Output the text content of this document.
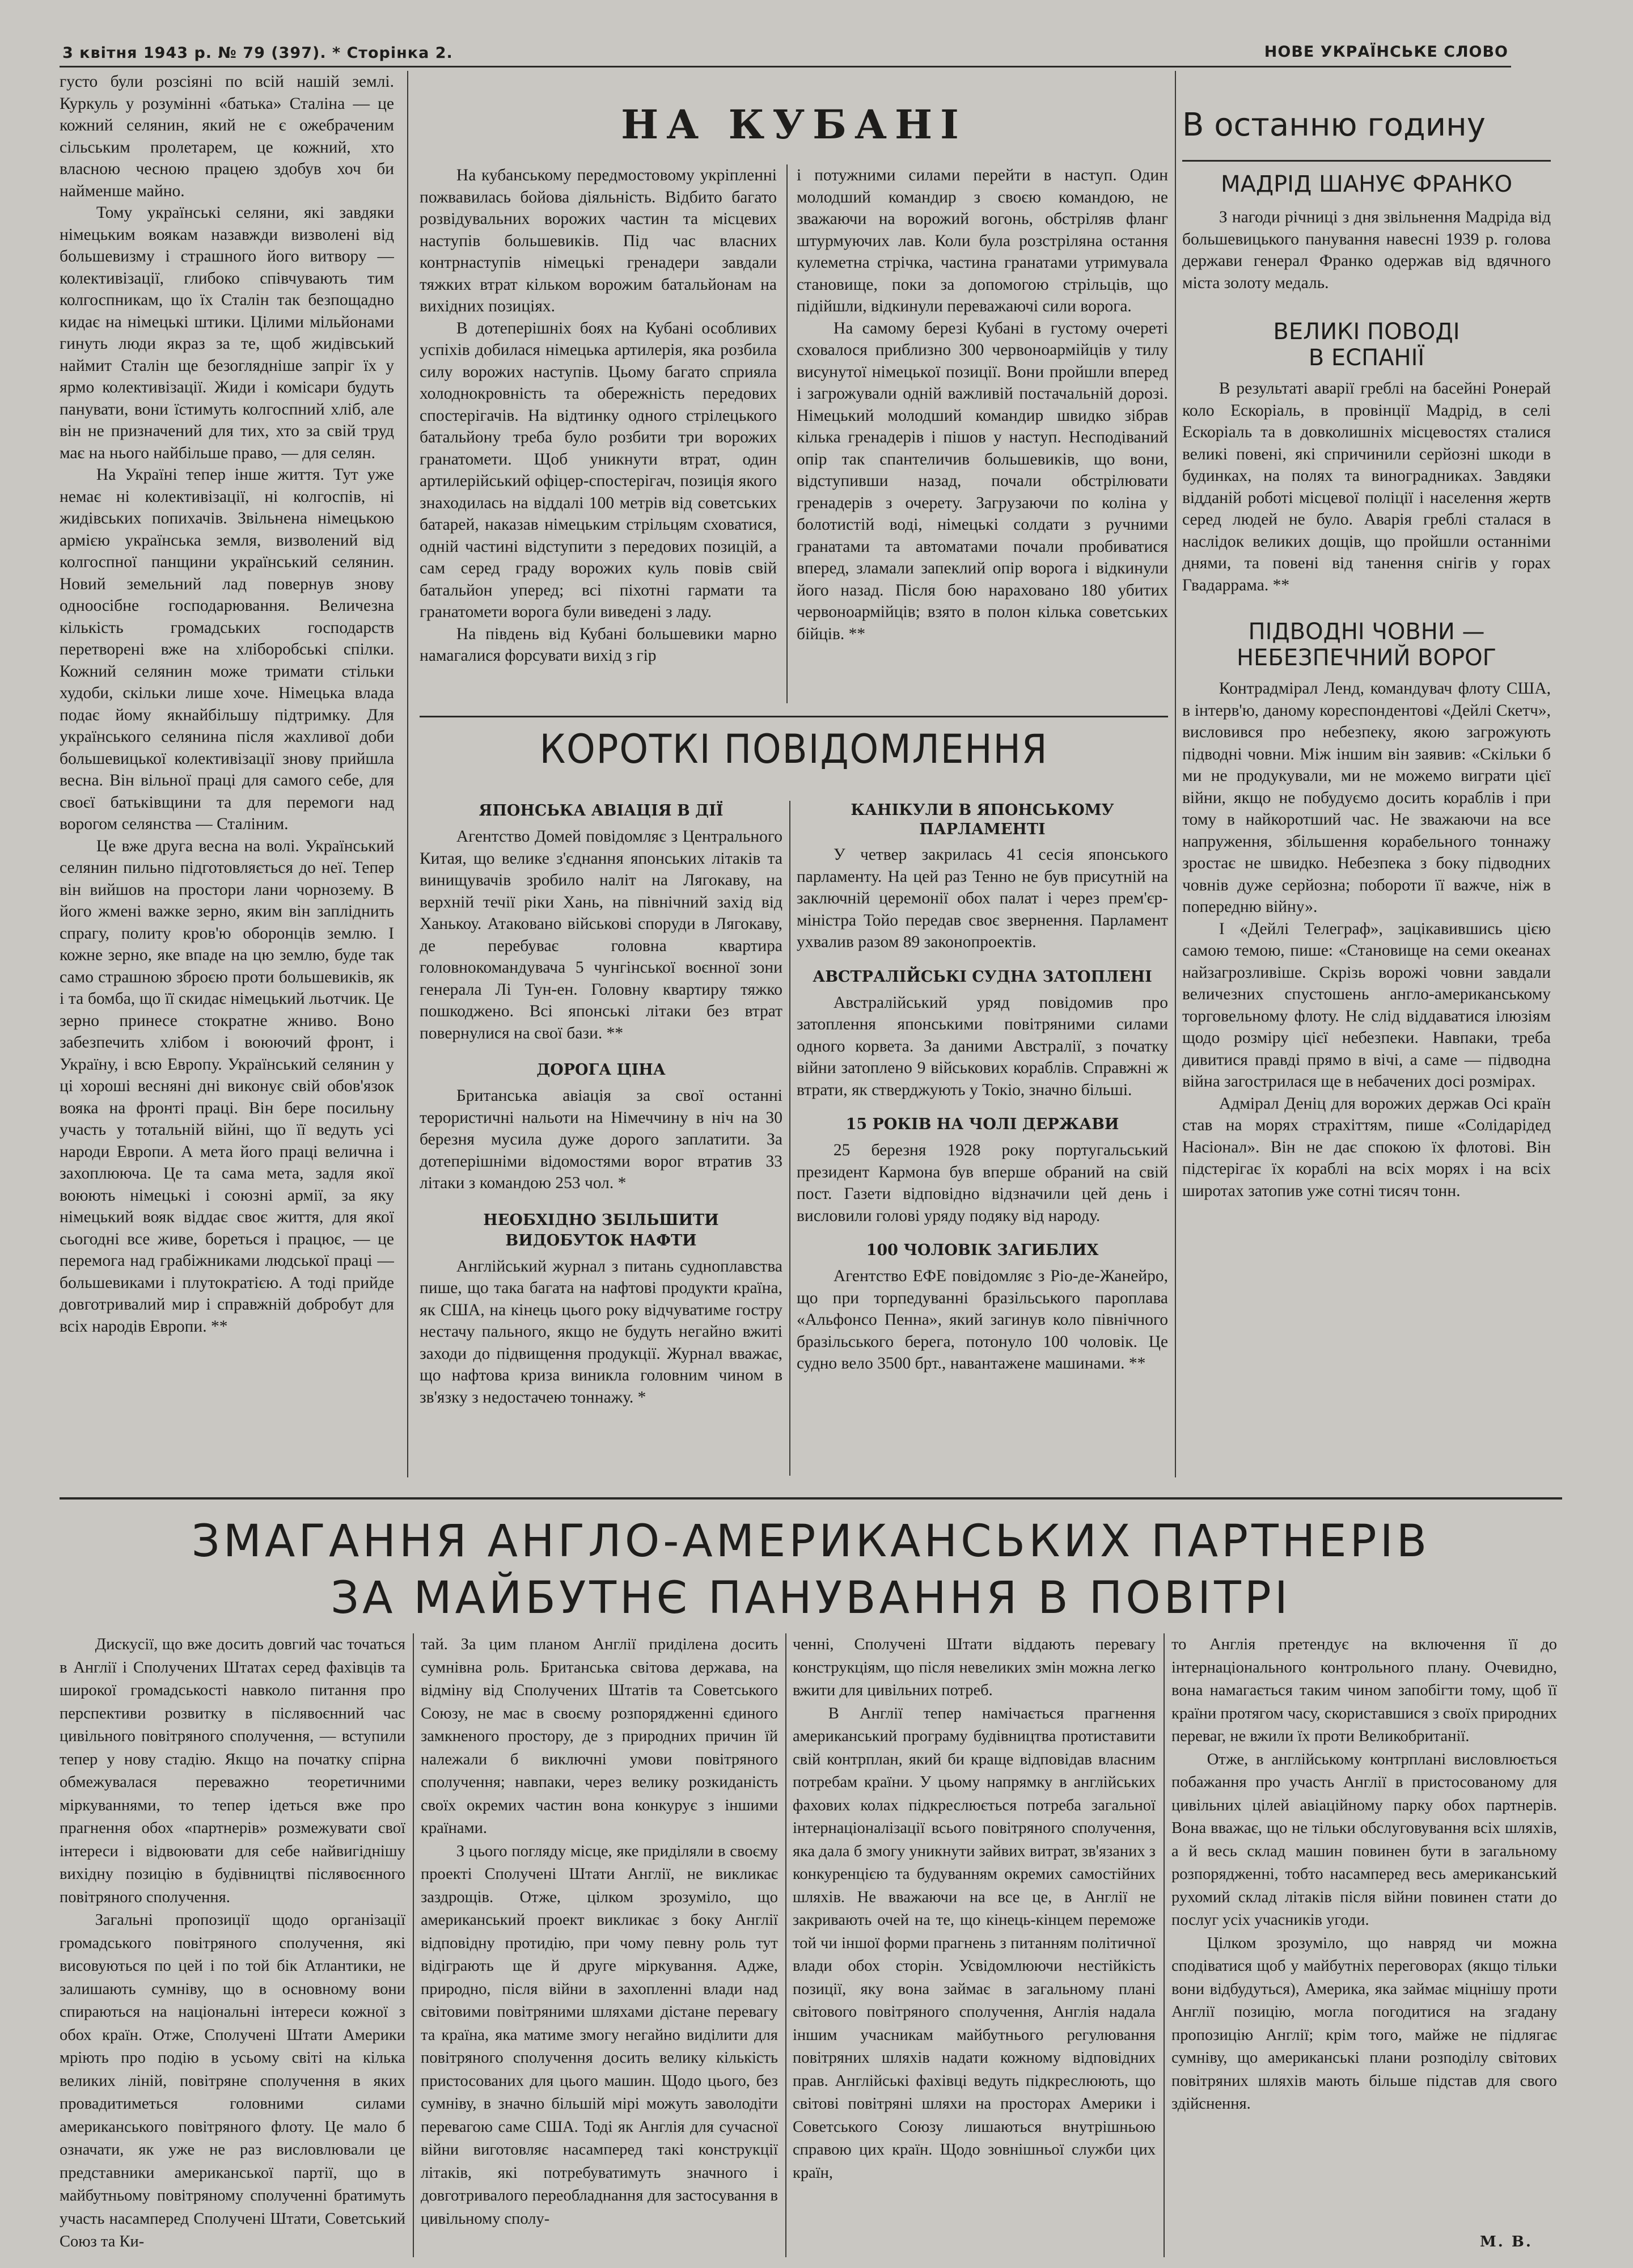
3 квітня 1943 р. № 79 (397). * Сторінка 2.	НОВЕ УКРАЇНСЬКЕ СЛОВО

густо були розсіяні по всій нашій землі. Куркуль у розумінні «батька» Сталіна — це кожний селянин, який не є ожебраченим сільським пролетарем, це кожний, хто власною чесною працею здобув хоч би найменше майно.

Тому українські селяни, які завдяки німецьким воякам назавжди визволені від большевизму і страшного його витвору — колективізації, глибоко співчувають тим колгоспникам, що їх Сталін так безпощадно кидає на німецькі штики. Цілими мільйонами гинуть люди якраз за те, щоб жидівський наймит Сталін ще безоглядніше запріг їх у ярмо колективізації. Жиди і комісари будуть панувати, вони їстимуть колгоспний хліб, але він не призначений для тих, хто за свій труд має на нього найбільше право, — для селян.

На Україні тепер інше життя. Тут уже немає ні колективізації, ні колгоспів, ні жидівських попихачів. Звільнена німецькою армією українська земля, визволений від колгоспної панщини український селянин. Новий земельний лад повернув знову одноосібне господарювання. Величезна кількість громадських господарств перетворені вже на хліборобські спілки. Кожний селянин може тримати стільки худоби, скільки лише хоче. Німецька влада подає йому якнайбільшу підтримку. Для українського селянина після жахливої доби большевицької колективізації знову прийшла весна. Він вільної праці для самого себе, для своєї батьківщини та для перемоги над ворогом селянства — Сталіним.

Це вже друга весна на волі. Український селянин пильно підготовляється до неї. Тепер він вийшов на простори лани чорнозему. В його жмені важке зерно, яким він запліднить спрагу, политу кров'ю оборонців землю. І кожне зерно, яке впаде на цю землю, буде так само страшною зброєю проти большевиків, як і та бомба, що її скидає німецький льотчик. Це зерно принесе стократне жниво. Воно забезпечить хлібом і воюючий фронт, і Україну, і всю Европу. Український селянин у ці хороші весняні дні виконує свій обов'язок вояка на фронті праці. Він бере посильну участь у тотальній війні, що її ведуть усі народи Европи. А мета його праці велична і захоплююча. Це та сама мета, задля якої воюють німецькі і союзні армії, за яку німецький вояк віддає своє життя, для якої сьогодні все живе, бореться і працює, — це перемога над грабіжниками людської праці — большевиками і плутократією. А тоді прийде довготривалий мир і справжній добробут для всіх народів Европи. **

НА КУБАНІ

На кубанському передмостовому укріпленні пожвавилась бойова діяльність. Відбито багато розвідувальних ворожих частин та місцевих наступів большевиків. Під час власних контрнаступів німецькі гренадери завдали тяжких втрат кільком ворожим батальйонам на вихідних позиціях.

В дотеперішніх боях на Кубані особливих успіхів добилася німецька артилерія, яка розбила силу ворожих наступів. Цьому багато сприяла холоднокровність та обережність передових спостерігачів. На відтинку одного стрілецького батальйону треба було розбити три ворожих гранатомети. Щоб уникнути втрат, один артилерійський офіцер-спостерігач, позиція якого знаходилась на віддалі 100 метрів від советських батарей, наказав німецьким стрільцям сховатися, одній частині відступити з передових позицій, а сам серед граду ворожих куль повів свій батальйон уперед; всі піхотні гармати та гранатомети ворога були виведені з ладу.

На південь від Кубані большевики марно намагалися форсувати вихід з гір

і потужними силами перейти в наступ. Один молодший командир з своєю командою, не зважаючи на ворожий вогонь, обстріляв фланг штурмуючих лав. Коли була розстріляна остання кулеметна стрічка, частина гранатами утримувала становище, поки за допомогою стрільців, що підійшли, відкинули переважаючі сили ворога.

На самому березі Кубані в густому очереті сховалося приблизно 300 червоноармійців у тилу висунутої німецької позиції. Вони пройшли вперед і загрожували одній важливій постачальній дорозі. Німецький молодший командир швидко зібрав кілька гренадерів і пішов у наступ. Несподіваний опір так спантеличив большевиків, що вони, відступивши назад, почали обстрілювати гренадерів з очерету. Загрузаючи по коліна у болотистій воді, німецькі солдати з ручними гранатами та автоматами почали пробиватися вперед, зламали запеклий опір ворога і відкинули його назад. Після бою нараховано 180 убитих червоноармійців; взято в полон кілька советських бійців. **

КОРОТКІ ПОВІДОМЛЕННЯ
ЯПОНСЬКА АВІАЦІЯ В ДІЇ

Агентство Домей повідомляє з Центрального Китая, що велике з'єднання японських літаків та винищувачів зробило наліт на Лягокаву, на верхній течії ріки Хань, на північний захід від Ханькоу. Атаковано військові споруди в Лягокаву, де перебуває головна квартира головнокомандувача 5 чунгінської воєнної зони генерала Лі Тун-ен. Головну квартиру тяжко пошкоджено. Всі японські літаки без втрат повернулися на свої бази. **

ДОРОГА ЦІНА

Британська авіація за свої останні терористичні нальоти на Німеччину в ніч на 30 березня мусила дуже дорого заплатити. За дотеперішніми відомостями ворог втратив 33 літаки з командою 253 чол. *

НЕОБХІДНО ЗБІЛЬШИТИ
ВИДОБУТОК НАФТИ

Англійський журнал з питань судноплавства пише, що така багата на нафтові продукти країна, як США, на кінець цього року відчуватиме гостру нестачу пального, якщо не будуть негайно вжиті заходи до підвищення продукції. Журнал вважає, що нафтова криза виникла головним чином в зв'язку з недостачею тоннажу. *

КАНІКУЛИ В ЯПОНСЬКОМУ
ПАРЛАМЕНТІ

У четвер закрилась 41 сесія японського парламенту. На цей раз Тенно не був присутній на заключній церемонії обох палат і через прем'єр-міністра Тойо передав своє звернення. Парламент ухвалив разом 89 законопроектів.

АВСТРАЛІЙСЬКІ СУДНА ЗАТОПЛЕНІ

Австралійський уряд повідомив про затоплення японськими повітряними силами одного корвета. За даними Австралії, з початку війни затоплено 9 військових кораблів. Справжні ж втрати, як стверджують у Токіо, значно більші.

15 РОКІВ НА ЧОЛІ ДЕРЖАВИ

25 березня 1928 року португальський президент Кармона був вперше обраний на свій пост. Газети відповідно відзначили цей день і висловили голові уряду подяку від народу.

100 ЧОЛОВІК ЗАГИБЛИХ

Агентство ЕФЕ повідомляє з Ріо-де-Жанейро, що при торпедуванні бразільського пароплава «Альфонсо Пенна», який загинув коло північного бразільського берега, потонуло 100 чоловік. Це судно вело 3500 брт., навантажене машинами. **

В останню годину
МАДРІД ШАНУЄ ФРАНКО

З нагоди річниці з дня звільнення Мадріда від большевицького панування навесні 1939 р. голова держави генерал Франко одержав від вдячного міста золоту медаль.

ВЕЛИКІ ПОВОДІ
В ЕСПАНІЇ

В результаті аварії греблі на басейні Ронерай коло Ескоріаль, в провінції Мадрід, в селі Ескоріаль та в довколишніх місцевостях сталися великі повені, які спричинили серйозні шкоди в будинках, на полях та виноградниках. Завдяки відданій роботі місцевої поліції і населення жертв серед людей не було. Аварія греблі сталася в наслідок великих дощів, що пройшли останніми днями, та повені від танення снігів у горах Гвадаррама. **

ПІДВОДНІ ЧОВНИ —
НЕБЕЗПЕЧНИЙ ВОРОГ

Контрадмірал Ленд, командувач флоту США, в інтерв'ю, даному кореспондентові «Дейлі Скетч», висловився про небезпеку, якою загрожують підводні човни. Між іншим він заявив: «Скільки б ми не продукували, ми не можемо виграти цієї війни, якщо не побудуємо досить кораблів і при тому в найкоротший час. Не зважаючи на все напруження, збільшення корабельного тоннажу зростає не швидко. Небезпека з боку підводних човнів дуже серйозна; побороти її важче, ніж в попередню війну».

І «Дейлі Телеграф», зацікавившись цією самою темою, пише: «Становище на семи океанах найзагрозливіше. Скрізь ворожі човни завдали величезних спустошень англо-американському торговельному флоту. Не слід віддаватися ілюзіям щодо розміру цієї небезпеки. Навпаки, треба дивитися правді прямо в вічі, а саме — підводна війна загострилася ще в небачених досі розмірах.

Адмірал Деніц для ворожих держав Осі країн став на морях страхіттям, пише «Солідарідед Насіонал». Він не дає спокою їх флотові. Він підстерігає їх кораблі на всіх морях і на всіх широтах затопив уже сотні тисяч тонн.

ЗМАГАННЯ АНГЛО-АМЕРИКАНСЬКИХ ПАРТНЕРІВ
ЗА МАЙБУТНЄ ПАНУВАННЯ В ПОВІТРІ

Дискусії, що вже досить довгий час точаться в Англії і Сполучених Штатах серед фахівців та широкої громадськості навколо питання про перспективи розвитку в післявоєнний час цивільного повітряного сполучення, — вступили тепер у нову стадію. Якщо на початку спірна обмежувалася переважно теоретичними міркуваннями, то тепер ідеться вже про прагнення обох «партнерів» розмежувати свої інтереси і відвоювати для себе найвигіднішу вихідну позицію в будівництві післявоєнного повітряного сполучення.

Загальні пропозиції щодо організації громадського повітряного сполучення, які висовуються по цей і по той бік Атлантики, не залишають сумніву, що в основному вони спираються на національні інтереси кожної з обох країн. Отже, Сполучені Штати Америки мріють про подію в усьому світі на кілька великих ліній, повітряне сполучення в яких провадитиметься головними силами американського повітряного флоту. Це мало б означати, як уже не раз висловлювали це представники американської партії, що в майбутньому повітряному сполученні братимуть участь насамперед Сполучені Штати, Советський Союз та Ки-

тай. За цим планом Англії приділена досить сумнівна роль. Британська світова держава, на відміну від Сполучених Штатів та Советського Союзу, не має в своєму розпорядженні єдиного замкненого простору, де з природних причин їй належали б виключні умови повітряного сполучення; навпаки, через велику розкиданість своїх окремих частин вона конкурує з іншими країнами.

З цього погляду місце, яке приділяли в своєму проекті Сполучені Штати Англії, не викликає заздрощів. Отже, цілком зрозуміло, що американський проект викликає з боку Англії відповідну протидію, при чому певну роль тут відіграють ще й друге міркування. Адже, природно, після війни в захопленні влади над світовими повітряними шляхами дістане перевагу та країна, яка матиме змогу негайно виділити для повітряного сполучення досить велику кількість пристосованих для цього машин. Щодо цього, без сумніву, в значно більшій мірі можуть заволодіти перевагою саме США. Тоді як Англія для сучасної війни виготовляє насамперед такі конструкції літаків, які потребуватимуть значного і довготривалого переобладнання для застосування в цивільному сполу-

ченні, Сполучені Штати віддають перевагу конструкціям, що після невеликих змін можна легко вжити для цивільних потреб.

В Англії тепер намічається прагнення американський програму будівництва протиставити свій контрплан, який би краще відповідав власним потребам країни. У цьому напрямку в англійських фахових колах підкреслюється потреба загальної інтернаціоналізації всього повітряного сполучення, яка дала б змогу уникнути зайвих витрат, зв'язаних з конкуренцією та будуванням окремих самостійних шляхів. Не вважаючи на все це, в Англії не закривають очей на те, що кінець-кінцем переможе той чи іншої форми прагнень з питанням політичної влади обох сторін. Усвідомлюючи нестійкість позиції, яку вона займає в загальному плані світового повітряного сполучення, Англія надала іншим учасникам майбутнього регулювання повітряних шляхів надати кожному відповідних прав. Англійські фахівці ведуть підкреслюють, що світові повітряні шляхи на просторах Америки і Советського Союзу лишаються внутрішньою справою цих країн. Щодо зовнішньої служби цих країн,

то Англія претендує на включення її до інтернаціонального контрольного плану. Очевидно, вона намагається таким чином запобігти тому, щоб її країни протягом часу, скориставшися з своїх природних переваг, не вжили їх проти Великобританії.

Отже, в англійському контрплані висловлюється побажання про участь Англії в пристосованому для цивільних цілей авіаційному парку обох партнерів. Вона вважає, що не тільки обслуговування всіх шляхів, а й весь склад машин повинен бути в загальному розпорядженні, тобто насамперед весь американський рухомий склад літаків після війни повинен стати до послуг усіх учасників угоди.

Цілком зрозуміло, що навряд чи можна сподіватися щоб у майбутніх переговорах (якщо тільки вони відбудуться), Америка, яка займає міцнішу проти Англії позицію, могла погодитися на згадану пропозицію Англії; крім того, майже не підлягає сумніву, що американські плани розподілу світових повітряних шляхів мають більше підстав для свого здійснення.

М. В.
